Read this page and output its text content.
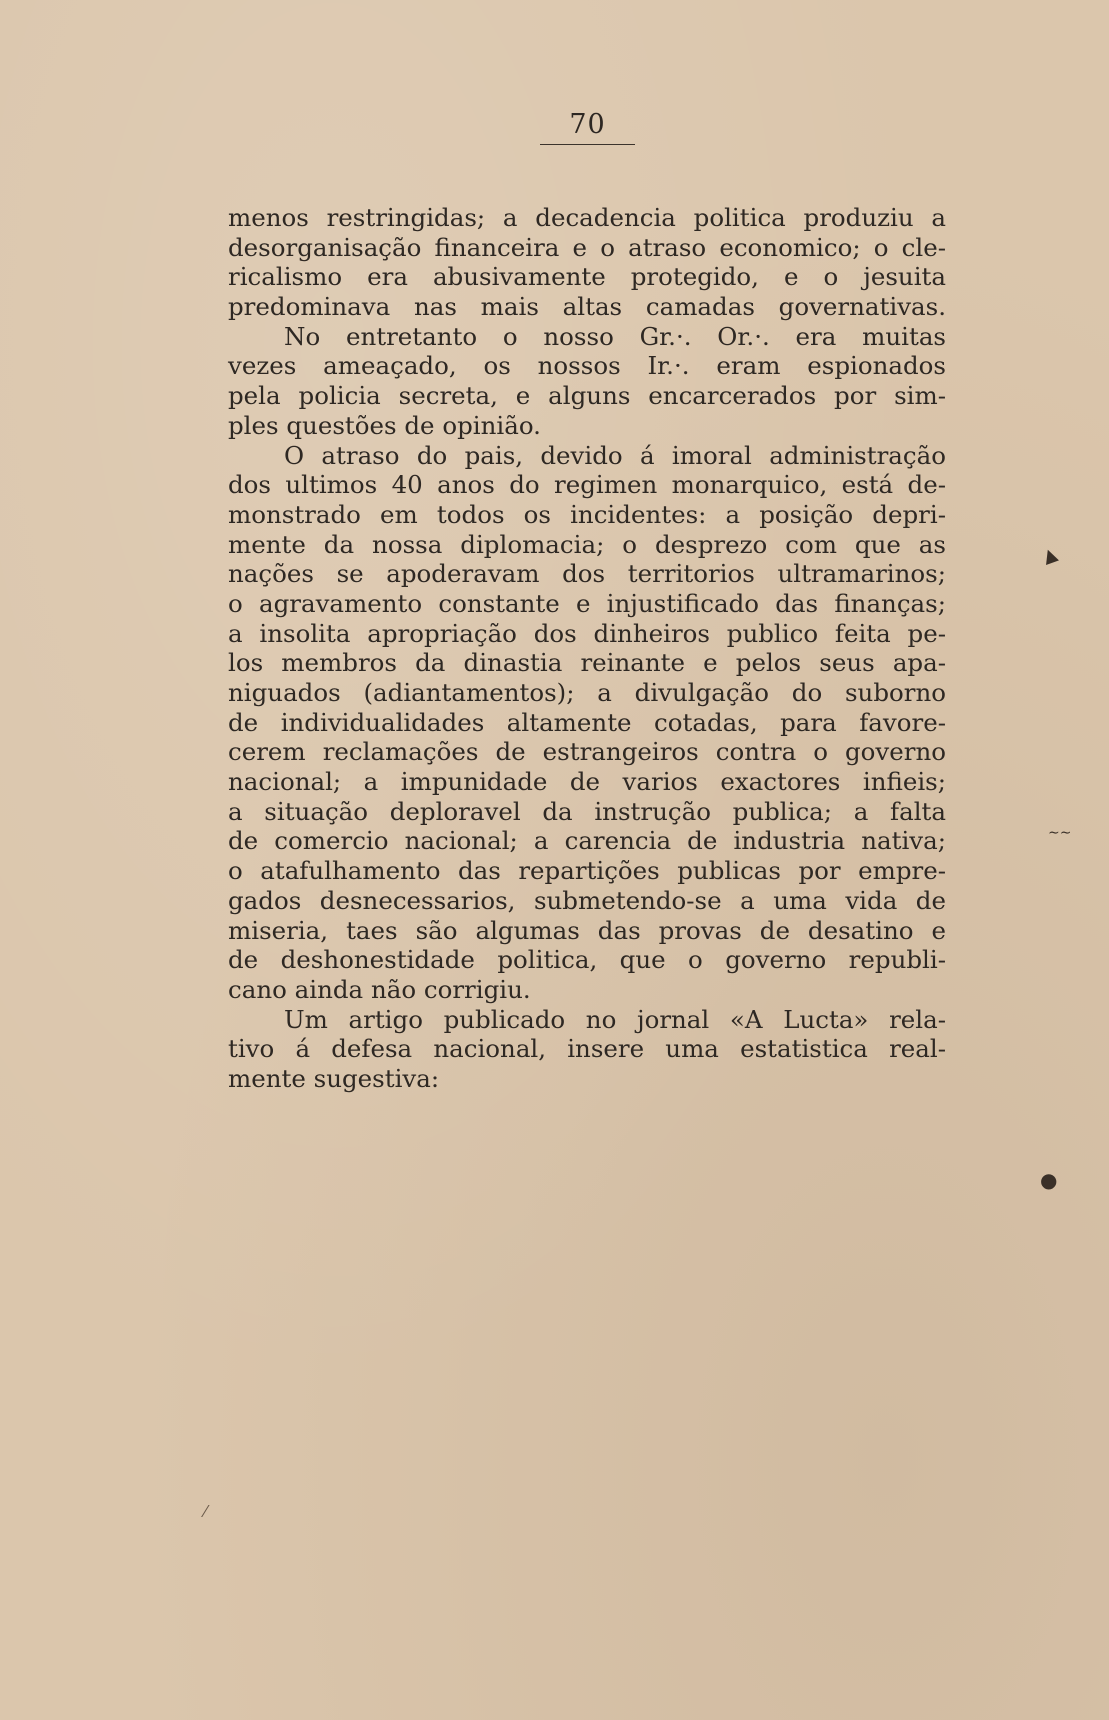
70
menos restringidas; a decadencia politica produziu a
desorganisação financeira e o atraso economico; o cle-
ricalismo era abusivamente protegido, e o jesuita
predominava nas mais altas camadas governativas.
No entretanto o nosso Gr.·. Or.·. era muitas
vezes ameaçado, os nossos Ir.·. eram espionados
pela policia secreta, e alguns encarcerados por sim-
ples questões de opinião.
O atraso do pais, devido á imoral administração
dos ultimos 40 anos do regimen monarquico, está de-
monstrado em todos os incidentes: a posição depri-
mente da nossa diplomacia; o desprezo com que as
nações se apoderavam dos territorios ultramarinos;
o agravamento constante e injustificado das finanças;
a insolita apropriação dos dinheiros publico feita pe-
los membros da dinastia reinante e pelos seus apa-
niguados (adiantamentos); a divulgação do suborno
de individualidades altamente cotadas, para favore-
cerem reclamações de estrangeiros contra o governo
nacional; a impunidade de varios exactores infieis;
a situação deploravel da instrução publica; a falta
de comercio nacional; a carencia de industria nativa;
o atafulhamento das repartições publicas por empre-
gados desnecessarios, submetendo-se a uma vida de
miseria, taes são algumas das provas de desatino e
de deshonestidade politica, que o governo republi-
cano ainda não corrigiu.
Um artigo publicado no jornal «A Lucta» rela-
tivo á defesa nacional, insere uma estatistica real-
mente sugestiva:
▲
∼∼
●
⁄
